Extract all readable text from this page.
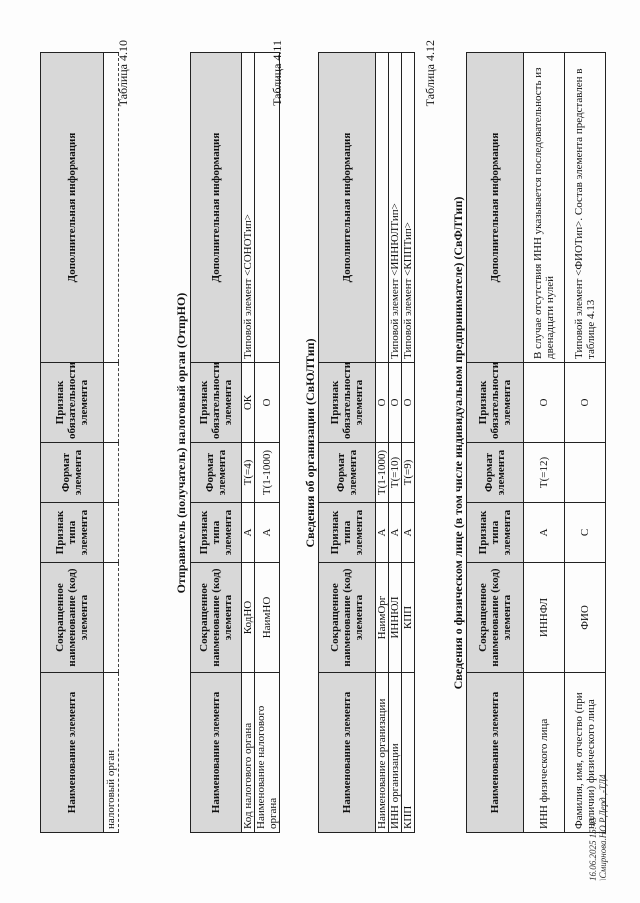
Наименование элемента	Сокращенное наименование (код) элемента	Признак типа элемента	Формат элемента	Признак обязательности элемента	Дополнительная информация
налоговый орган					
Таблица 4.10
Отправитель (получатель) налоговый орган (ОтпрНО)
Наименование элемента	Сокращенное наименование (код) элемента	Признак типа элемента	Формат элемента	Признак обязательности элемента	Дополнительная информация
Код налогового органа	КодНО	А	Т(=4)	ОК	Типовой элемент <СОНОТип>
Наименование налогового органа	НаимНО	А	Т(1-1000)	О	
Таблица 4.11
Сведения об организации (СвЮЛТип)
Наименование элемента	Сокращенное наименование (код) элемента	Признак типа элемента	Формат элемента	Признак обязательности элемента	Дополнительная информация
Наименование организации	НаимОрг	А	Т(1-1000)	О	
ИНН организации	ИННЮЛ	А	Т(=10)	О	Типовой элемент <ИННЮЛТип>
КПП	КПП	А	Т(=9)	О	Типовой элемент <КППТип>
Таблица 4.12
Сведения о физическом лице (в том числе индивидуальном предпринимателе) (СвФЛТип)
Наименование элемента	Сокращенное наименование (код) элемента	Признак типа элемента	Формат элемента	Признак обязательности элемента	Дополнительная информация
ИНН физического лица	ИННФЛ	А	Т(=12)	О	В случае отсутствия ИНН указывается последовательность из двенадцати нулей
Фамилия, имя, отчество (при наличии) физического лица	ФИО	С		О	Типовой элемент <ФИОТип>. Состав элемента представлен в таблице 4.13
16.06.2025 15:43 \Смирнова.НО.Р.Дерд.,-ТД4
